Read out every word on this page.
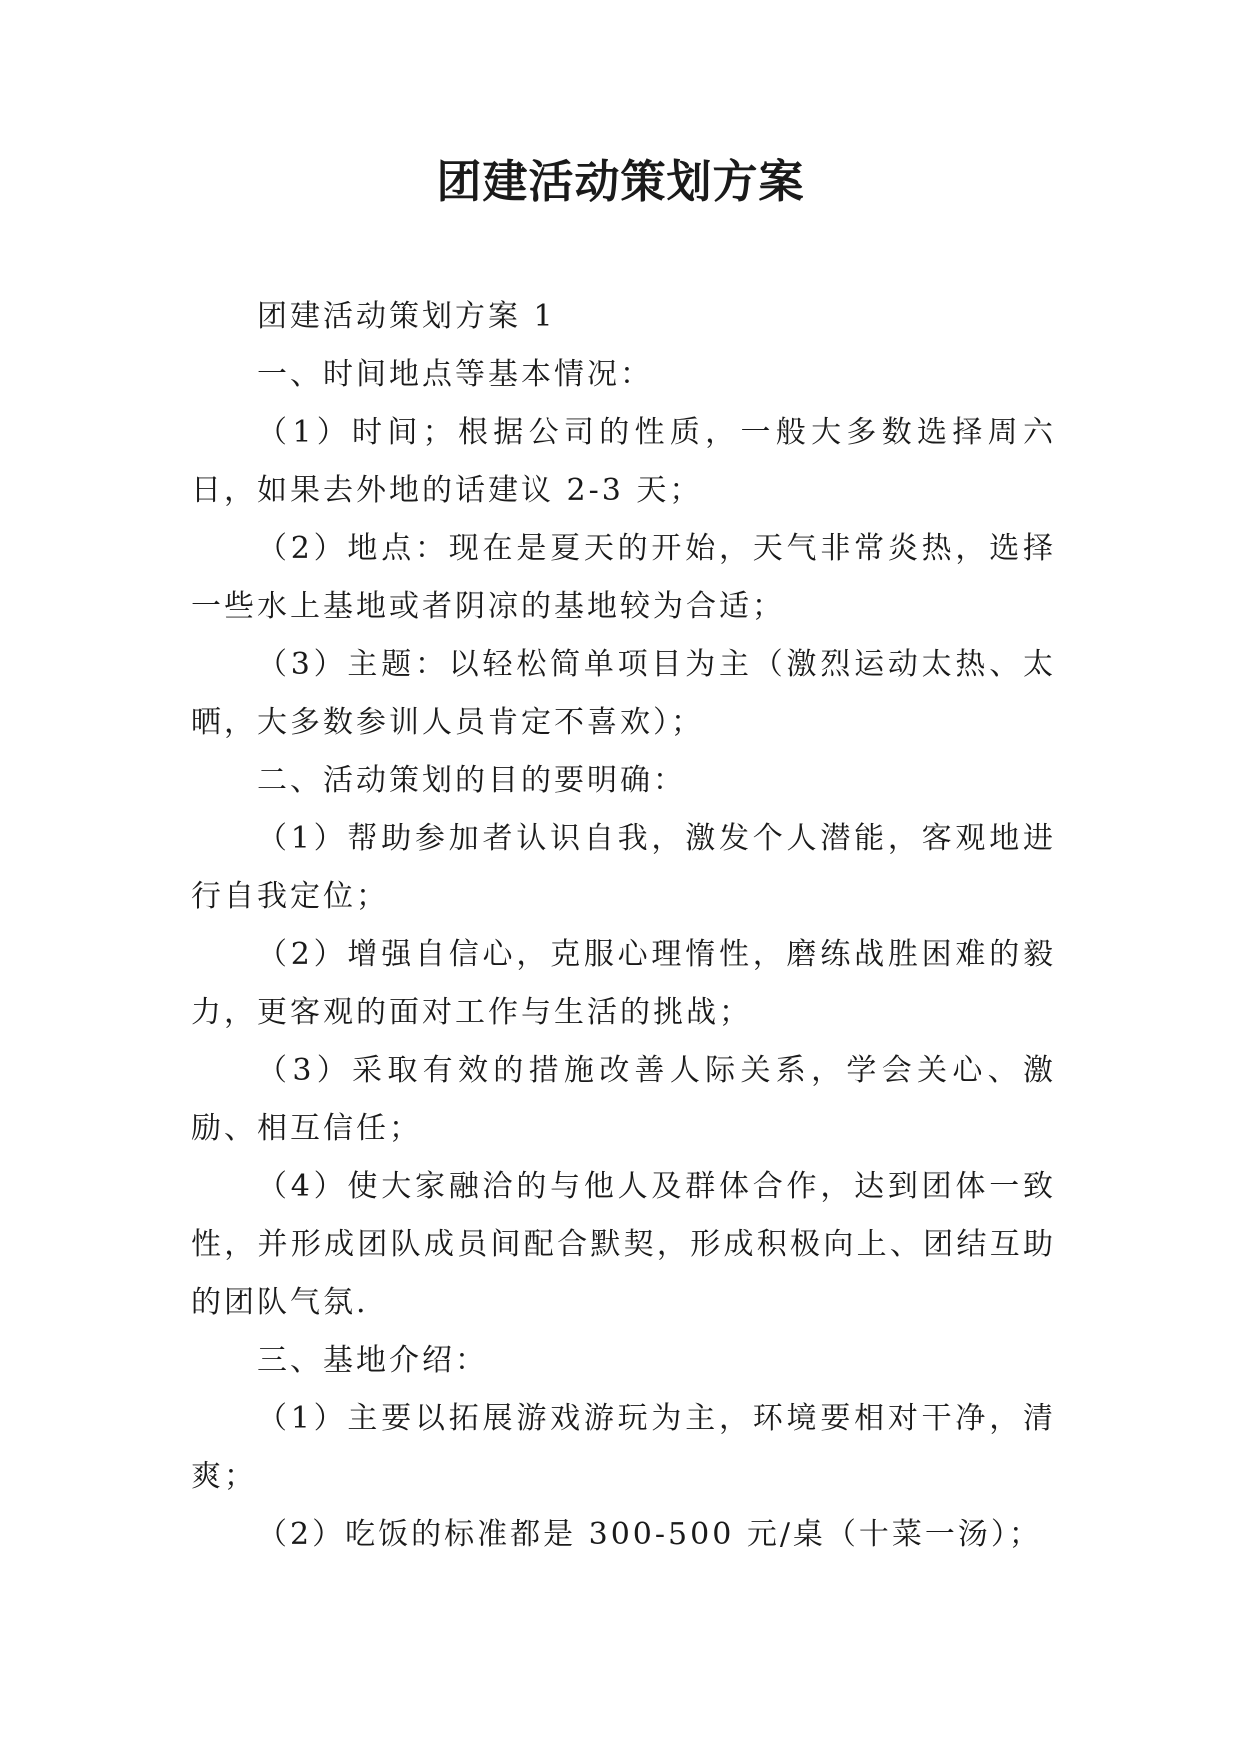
团建活动策划方案

团建活动策划方案 1

一、时间地点等基本情况：

（1）时间；根据公司的性质，一般大多数选择周六日，如果去外地的话建议 2-3 天；

（2）地点：现在是夏天的开始，天气非常炎热，选择一些水上基地或者阴凉的基地较为合适；

（3）主题：以轻松简单项目为主（激烈运动太热、太晒，大多数参训人员肯定不喜欢）；

二、活动策划的目的要明确：

（1）帮助参加者认识自我，激发个人潜能，客观地进行自我定位；

（2）增强自信心，克服心理惰性，磨练战胜困难的毅力，更客观的面对工作与生活的挑战；

（3）采取有效的措施改善人际关系，学会关心、激励、相互信任；

（4）使大家融洽的与他人及群体合作，达到团体一致性，并形成团队成员间配合默契，形成积极向上、团结互助的团队气氛.

三、基地介绍：

（1）主要以拓展游戏游玩为主，环境要相对干净，清爽；

（2）吃饭的标准都是 300-500 元/桌（十菜一汤）；
